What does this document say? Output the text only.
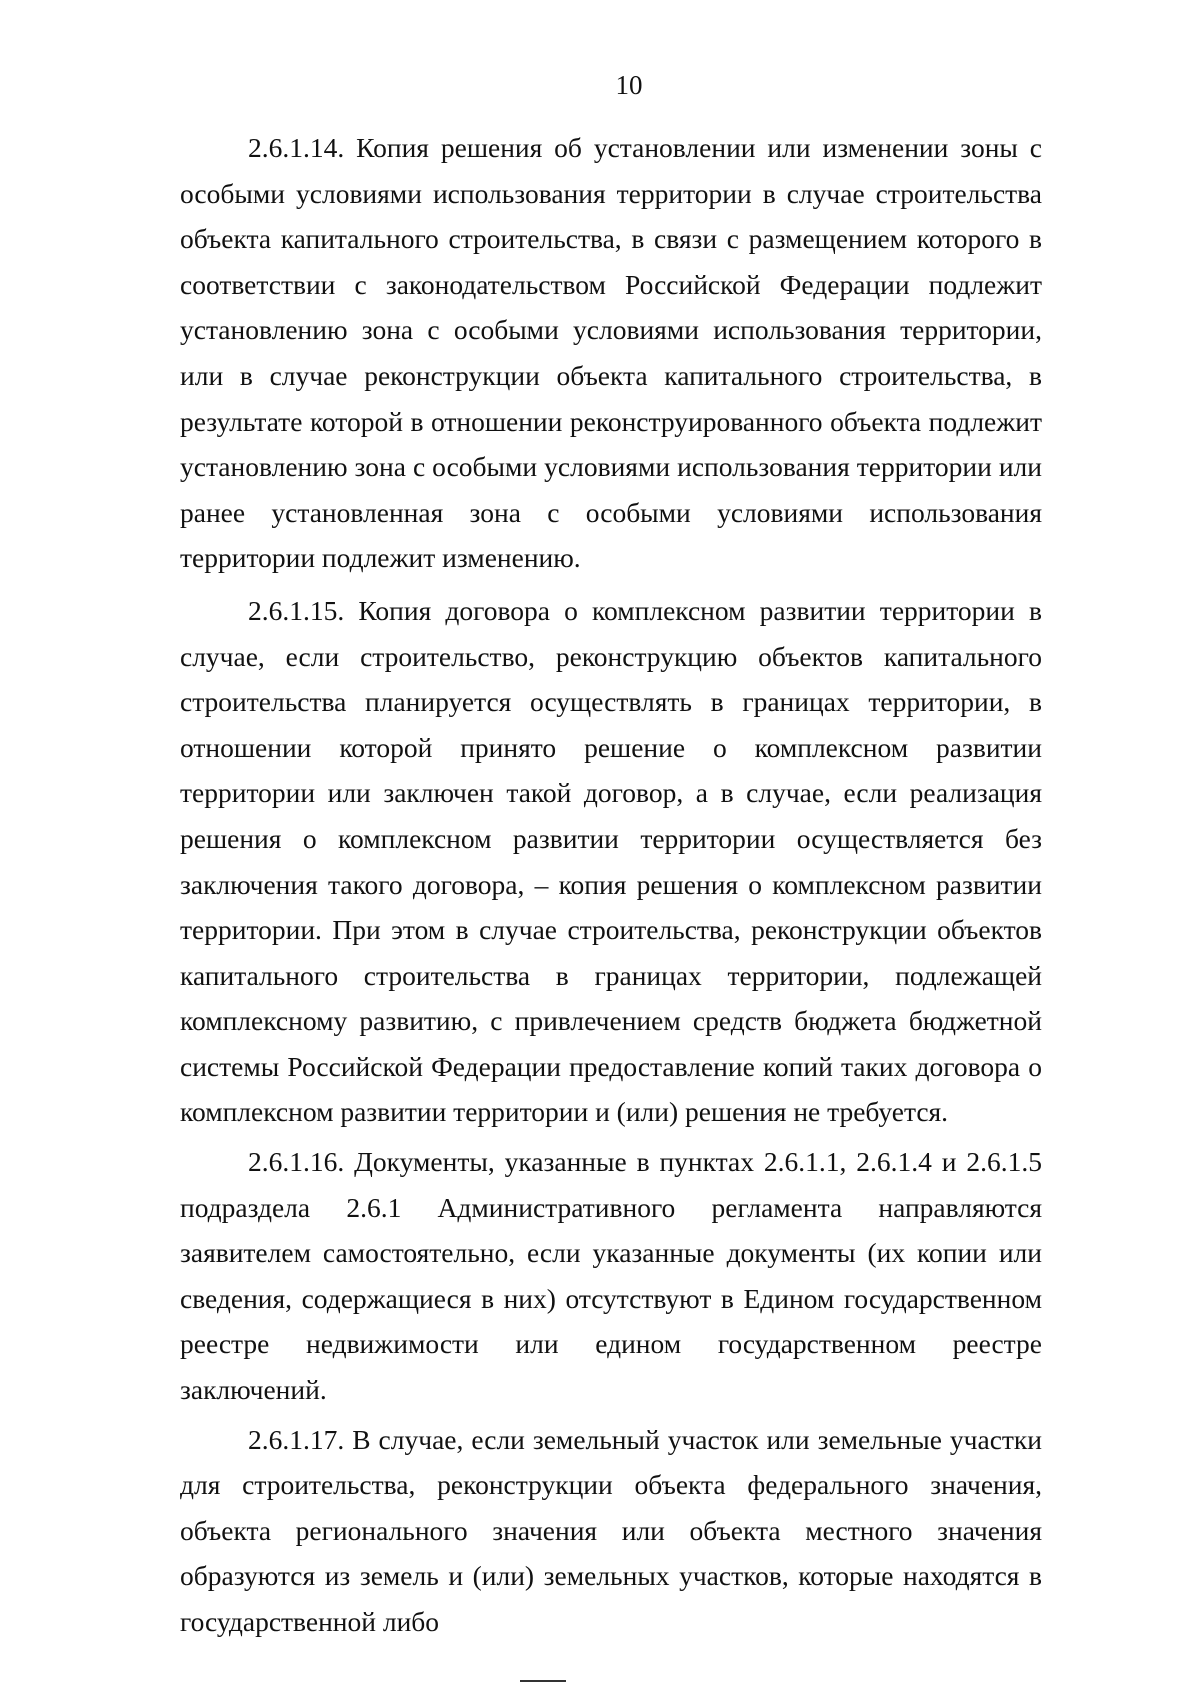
10

2.6.1.14. Копия решения об установлении или изменении зоны с особыми условиями использования территории в случае строительства объекта капитального строительства, в связи с размещением которого в соответствии с законодательством Российской Федерации подлежит установлению зона с особыми условиями использования территории, или в случае реконструкции объекта капитального строительства, в результате которой в отношении реконструированного объекта подлежит установлению зона с особыми условиями использования территории или ранее установленная зона с особыми условиями использования территории подлежит изменению.

2.6.1.15. Копия договора о комплексном развитии территории в случае, если строительство, реконструкцию объектов капитального строительства планируется осуществлять в границах территории, в отношении которой принято решение о комплексном развитии территории или заключен такой договор, а в случае, если реализация решения о комплексном развитии территории осуществляется без заключения такого договора, – копия решения о комплексном развитии территории. При этом в случае строительства, реконструкции объектов капитального строительства в границах территории, подлежащей комплексному развитию, с привлечением средств бюджета бюджетной системы Российской Федерации предоставление копий таких договора о комплексном развитии территории и (или) решения не требуется.

2.6.1.16. Документы, указанные в пунктах 2.6.1.1, 2.6.1.4 и 2.6.1.5 подраздела 2.6.1 Административного регламента направляются заявителем самостоятельно, если указанные документы (их копии или сведения, содержащиеся в них) отсутствуют в Едином государственном реестре недвижимости или едином государственном реестре заключений.

2.6.1.17. В случае, если земельный участок или земельные участки для строительства, реконструкции объекта федерального значения, объекта регионального значения или объекта местного значения образуются из земель и (или) земельных участков, которые находятся в государственной либо
